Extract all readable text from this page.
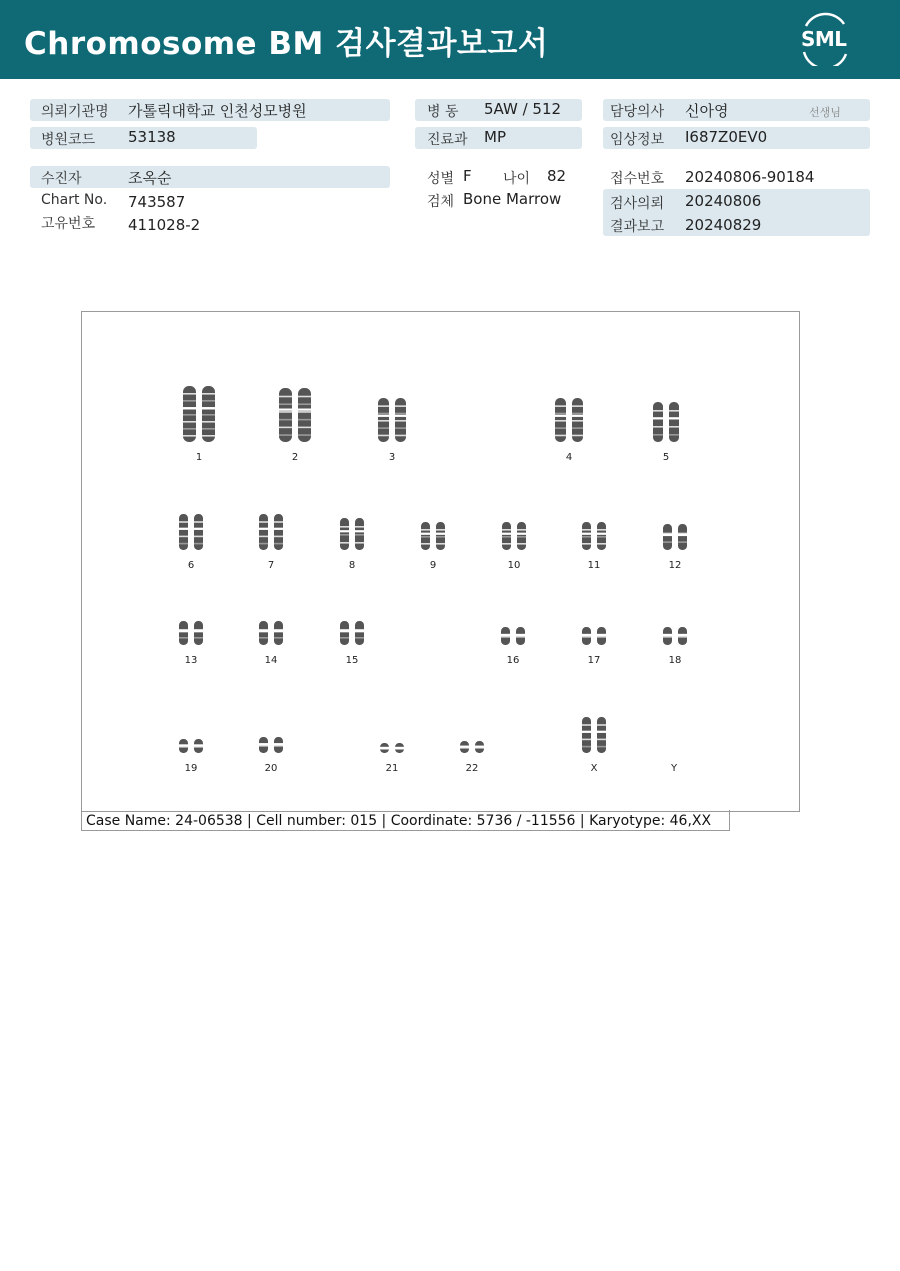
Chromosome BM 검사결과보고서	SML
의뢰기관명 가톨릭대학교 인천성모병원
병원코드 53138
수진자	조옥순
Chart No. 743587
고유번호 411028-2
병 동 5AW / 512
진료과 MP
성별 F 나이 82
검체 Bone Marrow
담당의사 신아영	선생님
임상정보 I687Z0EV0
접수번호 20240806-90184
검사의뢰 20240806
결과보고 20240829
1	2	3	4	5
6	7	8	9	10	11	12
13	14	15	16	17	18
19	20	21	22	X	Y
Case Name: 24-06538 | Cell number: 015 | Coordinate: 5736 / -11556 | Karyotype: 46,XX
